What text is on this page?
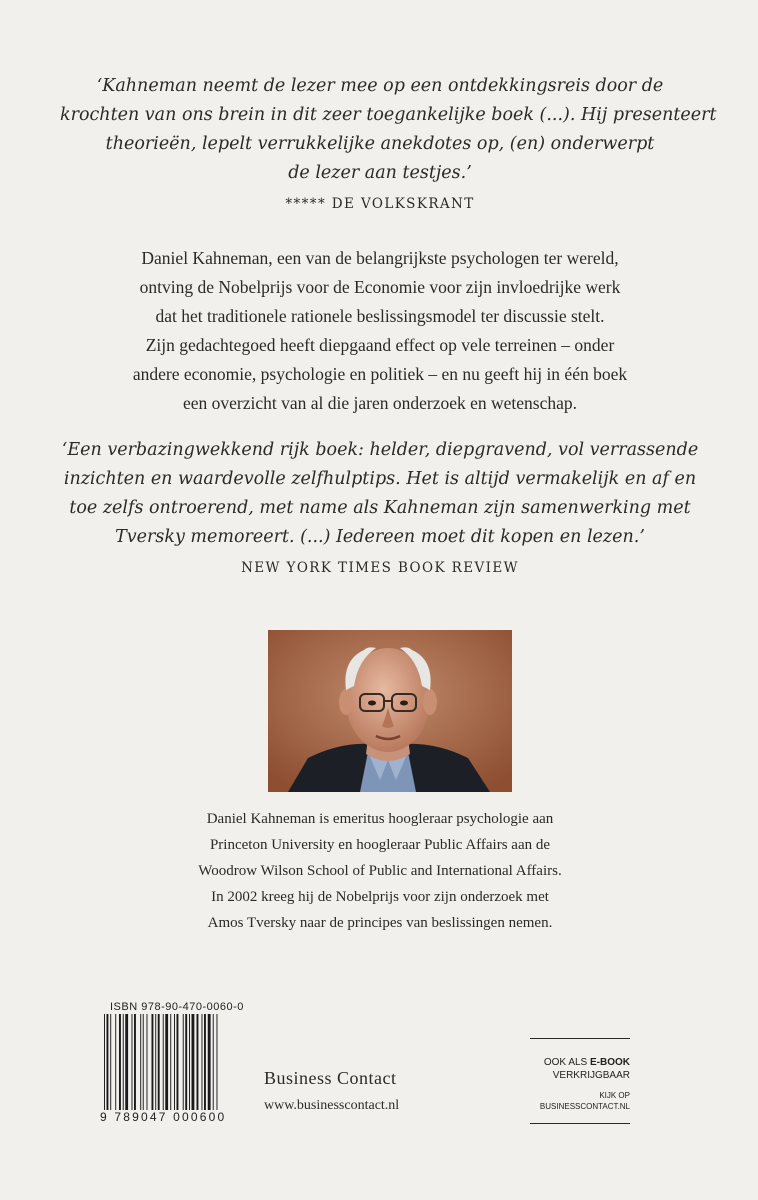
‘Kahneman neemt de lezer mee op een ontdekkingsreis door de
krochten van ons brein in dit zeer toegankelijke boek (...). Hij presenteert
theorieën, lepelt verrukkelijke anekdotes op, (en) onderwerpt
de lezer aan testjes.’

***** DE VOLKSKRANT

Daniel Kahneman, een van de belangrijkste psychologen ter wereld,
ontving de Nobelprijs voor de Economie voor zijn invloedrijke werk
dat het traditionele rationele beslissingsmodel ter discussie stelt.
Zijn gedachtegoed heeft diepgaand effect op vele terreinen – onder
andere economie, psychologie en politiek – en nu geeft hij in één boek
een overzicht van al die jaren onderzoek en wetenschap.

‘Een verbazingwekkend rijk boek: helder, diepgravend, vol verrassende
inzichten en waardevolle zelfhulptips. Het is altijd vermakelijk en af en
toe zelfs ontroerend, met name als Kahneman zijn samenwerking met
Tversky memoreert. (...) Iedereen moet dit kopen en lezen.’

NEW YORK TIMES BOOK REVIEW

Daniel Kahneman is emeritus hoogleraar psychologie aan
Princeton University en hoogleraar Public Affairs aan de
Woodrow Wilson School of Public and International Affairs.
In 2002 kreeg hij de Nobelprijs voor zijn onderzoek met
Amos Tversky naar de principes van beslissingen nemen.

ISBN 978-90-470-0060-0
9 789047 000600
Business Contact
www.businesscontact.nl
OOK ALS E-BOOK
VERKRIJGBAAR
KIJK OP
BUSINESSCONTACT.NL
